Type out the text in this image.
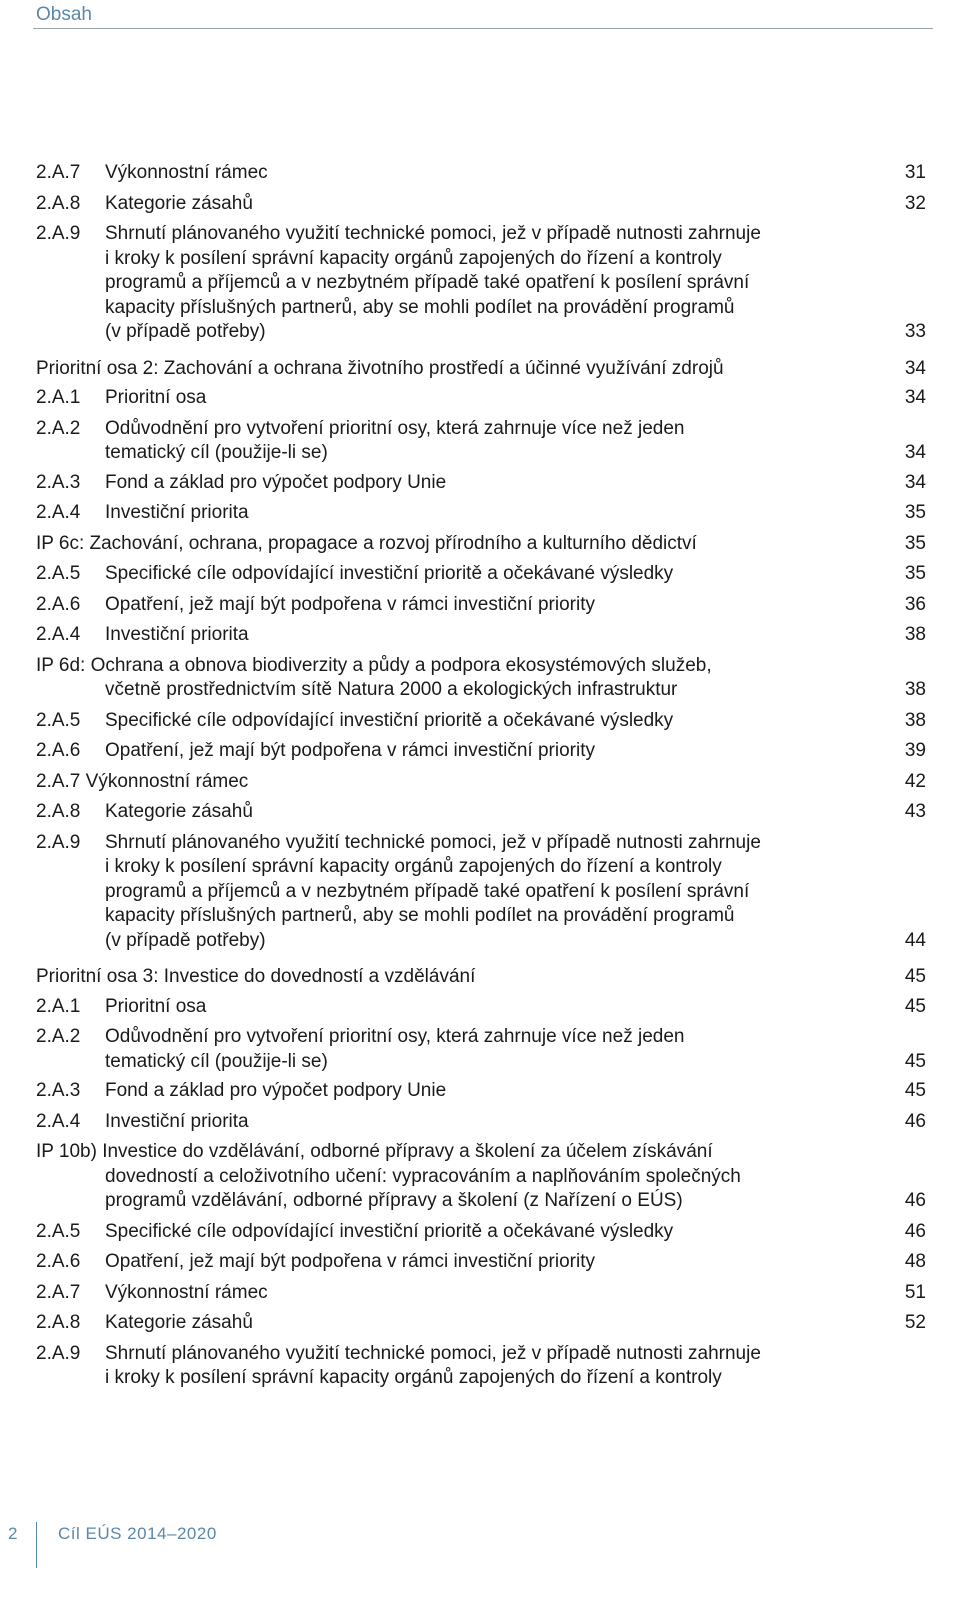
Obsah
2.A.7 Výkonnostní rámec	31
2.A.8 Kategorie zásahů	32
2.A.9 Shrnutí plánovaného využití technické pomoci, jež v případě nutnosti zahrnuje
i kroky k posílení správní kapacity orgánů zapojených do řízení a kontroly
programů a příjemců a v nezbytném případě také opatření k posílení správní
kapacity příslušných partnerů, aby se mohli podílet na provádění programů
(v případě potřeby)	33
Prioritní osa 2: Zachování a ochrana životního prostředí a účinné využívání zdrojů	34
2.A.1 Prioritní osa	34
2.A.2 Odůvodnění pro vytvoření prioritní osy, která zahrnuje více než jeden
tematický cíl (použije-li se)	34
2.A.3 Fond a základ pro výpočet podpory Unie	34
2.A.4 Investiční priorita	35
IP 6c: Zachování, ochrana, propagace a rozvoj přírodního a kulturního dědictví	35
2.A.5 Specifické cíle odpovídající investiční prioritě a očekávané výsledky	35
2.A.6 Opatření, jež mají být podpořena v rámci investiční priority	36
2.A.4 Investiční priorita	38
IP 6d: Ochrana a obnova biodiverzity a půdy a podpora ekosystémových služeb,
včetně prostřednictvím sítě Natura 2000 a ekologických infrastruktur	38
2.A.5 Specifické cíle odpovídající investiční prioritě a očekávané výsledky	38
2.A.6 Opatření, jež mají být podpořena v rámci investiční priority	39
2.A.7 Výkonnostní rámec	42
2.A.8 Kategorie zásahů	43
2.A.9 Shrnutí plánovaného využití technické pomoci, jež v případě nutnosti zahrnuje
i kroky k posílení správní kapacity orgánů zapojených do řízení a kontroly
programů a příjemců a v nezbytném případě také opatření k posílení správní
kapacity příslušných partnerů, aby se mohli podílet na provádění programů
(v případě potřeby)	44
Prioritní osa 3: Investice do dovedností a vzdělávání	45
2.A.1 Prioritní osa	45
2.A.2 Odůvodnění pro vytvoření prioritní osy, která zahrnuje více než jeden
tematický cíl (použije-li se)	45
2.A.3 Fond a základ pro výpočet podpory Unie	45
2.A.4 Investiční priorita	46
IP 10b) Investice do vzdělávání, odborné přípravy a školení za účelem získávání
dovedností a celoživotního učení: vypracováním a naplňováním společných
programů vzdělávání, odborné přípravy a školení (z Nařízení o EÚS)	46
2.A.5 Specifické cíle odpovídající investiční prioritě a očekávané výsledky	46
2.A.6 Opatření, jež mají být podpořena v rámci investiční priority	48
2.A.7 Výkonnostní rámec	51
2.A.8 Kategorie zásahů	52
2.A.9 Shrnutí plánovaného využití technické pomoci, jež v případě nutnosti zahrnuje
i kroky k posílení správní kapacity orgánů zapojených do řízení a kontroly
2 Cíl EÚS 2014–2020
